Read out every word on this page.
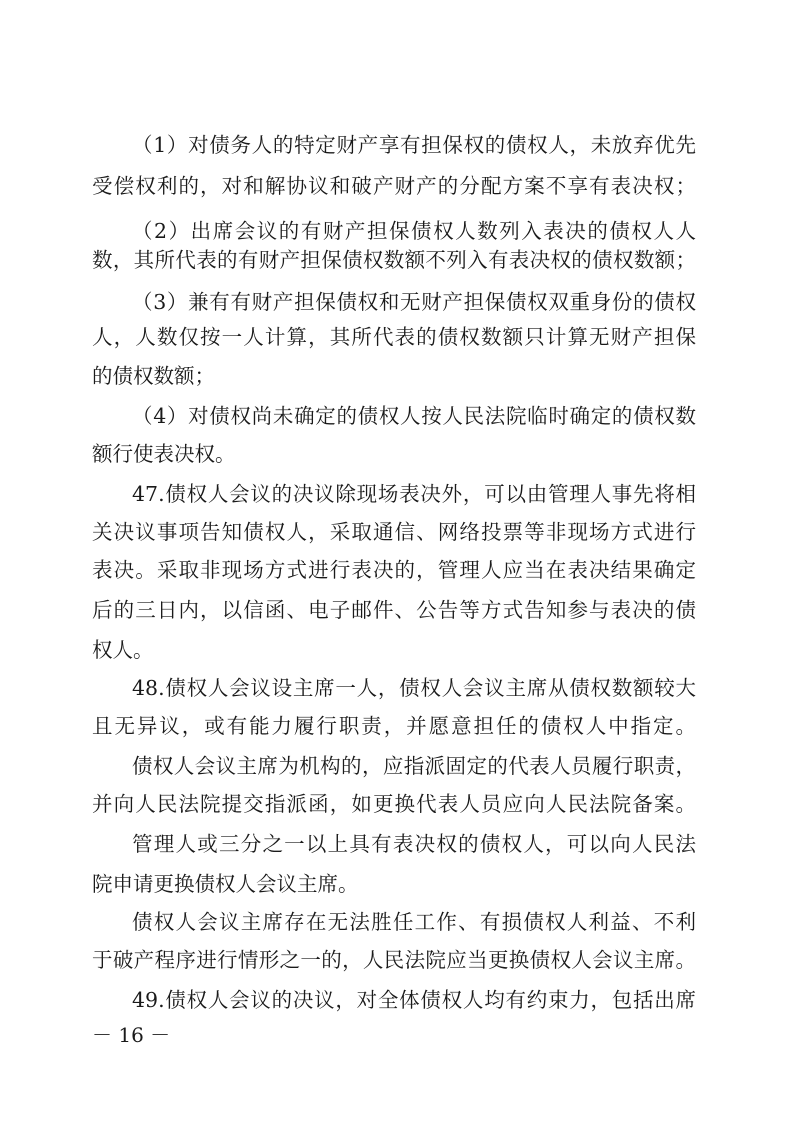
（1）对债务人的特定财产享有担保权的债权人，未放弃优先

受偿权利的，对和解协议和破产财产的分配方案不享有表决权；

（2）出席会议的有财产担保债权人数列入表决的债权人人

数，其所代表的有财产担保债权数额不列入有表决权的债权数额；

（3）兼有有财产担保债权和无财产担保债权双重身份的债权

人，人数仅按一人计算，其所代表的债权数额只计算无财产担保

的债权数额；

（4）对债权尚未确定的债权人按人民法院临时确定的债权数

额行使表决权。

47.债权人会议的决议除现场表决外，可以由管理人事先将相

关决议事项告知债权人，采取通信、网络投票等非现场方式进行

表决。采取非现场方式进行表决的，管理人应当在表决结果确定

后的三日内，以信函、电子邮件、公告等方式告知参与表决的债

权人。

48.债权人会议设主席一人，债权人会议主席从债权数额较大

且无异议，或有能力履行职责，并愿意担任的债权人中指定。

债权人会议主席为机构的，应指派固定的代表人员履行职责，

并向人民法院提交指派函，如更换代表人员应向人民法院备案。

管理人或三分之一以上具有表决权的债权人，可以向人民法

院申请更换债权人会议主席。

债权人会议主席存在无法胜任工作、有损债权人利益、不利

于破产程序进行情形之一的，人民法院应当更换债权人会议主席。

49.债权人会议的决议，对全体债权人均有约束力，包括出席

－ 16 －
